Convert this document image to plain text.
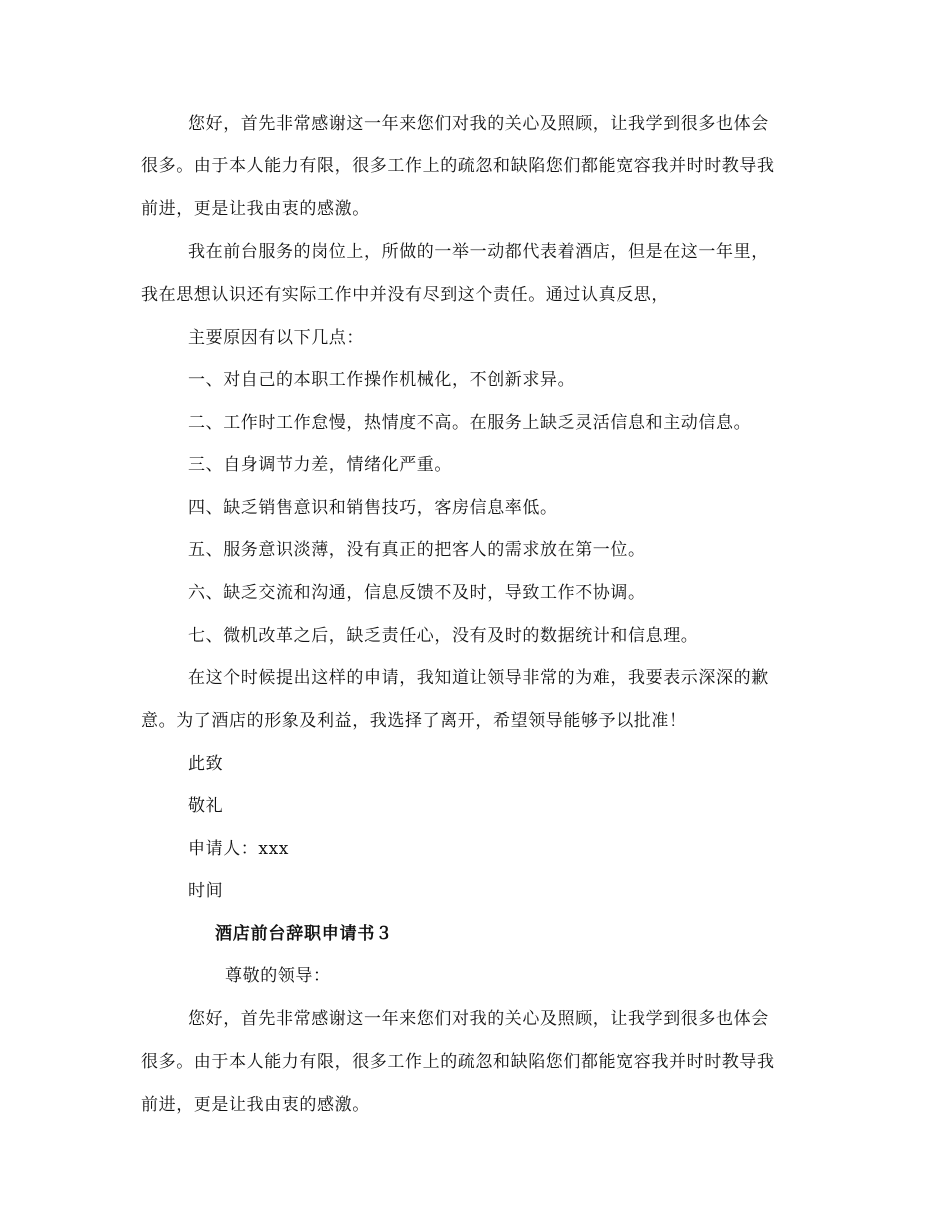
您好，首先非常感谢这一年来您们对我的关心及照顾，让我学到很多也体会
很多。由于本人能力有限，很多工作上的疏忽和缺陷您们都能宽容我并时时教导我
前进，更是让我由衷的感激。
我在前台服务的岗位上，所做的一举一动都代表着酒店，但是在这一年里，
我在思想认识还有实际工作中并没有尽到这个责任。通过认真反思，
主要原因有以下几点：
一、对自己的本职工作操作机械化，不创新求异。
二、工作时工作怠慢，热情度不高。在服务上缺乏灵活信息和主动信息。
三、自身调节力差，情绪化严重。
四、缺乏销售意识和销售技巧，客房信息率低。
五、服务意识淡薄，没有真正的把客人的需求放在第一位。
六、缺乏交流和沟通，信息反馈不及时，导致工作不协调。
七、微机改革之后，缺乏责任心，没有及时的数据统计和信息理。
在这个时候提出这样的申请，我知道让领导非常的为难，我要表示深深的歉
意。为了酒店的形象及利益，我选择了离开，希望领导能够予以批准！
此致
敬礼
申请人：xxx
时间
酒店前台辞职申请书３
尊敬的领导：
您好，首先非常感谢这一年来您们对我的关心及照顾，让我学到很多也体会
很多。由于本人能力有限，很多工作上的疏忽和缺陷您们都能宽容我并时时教导我
前进，更是让我由衷的感激。
